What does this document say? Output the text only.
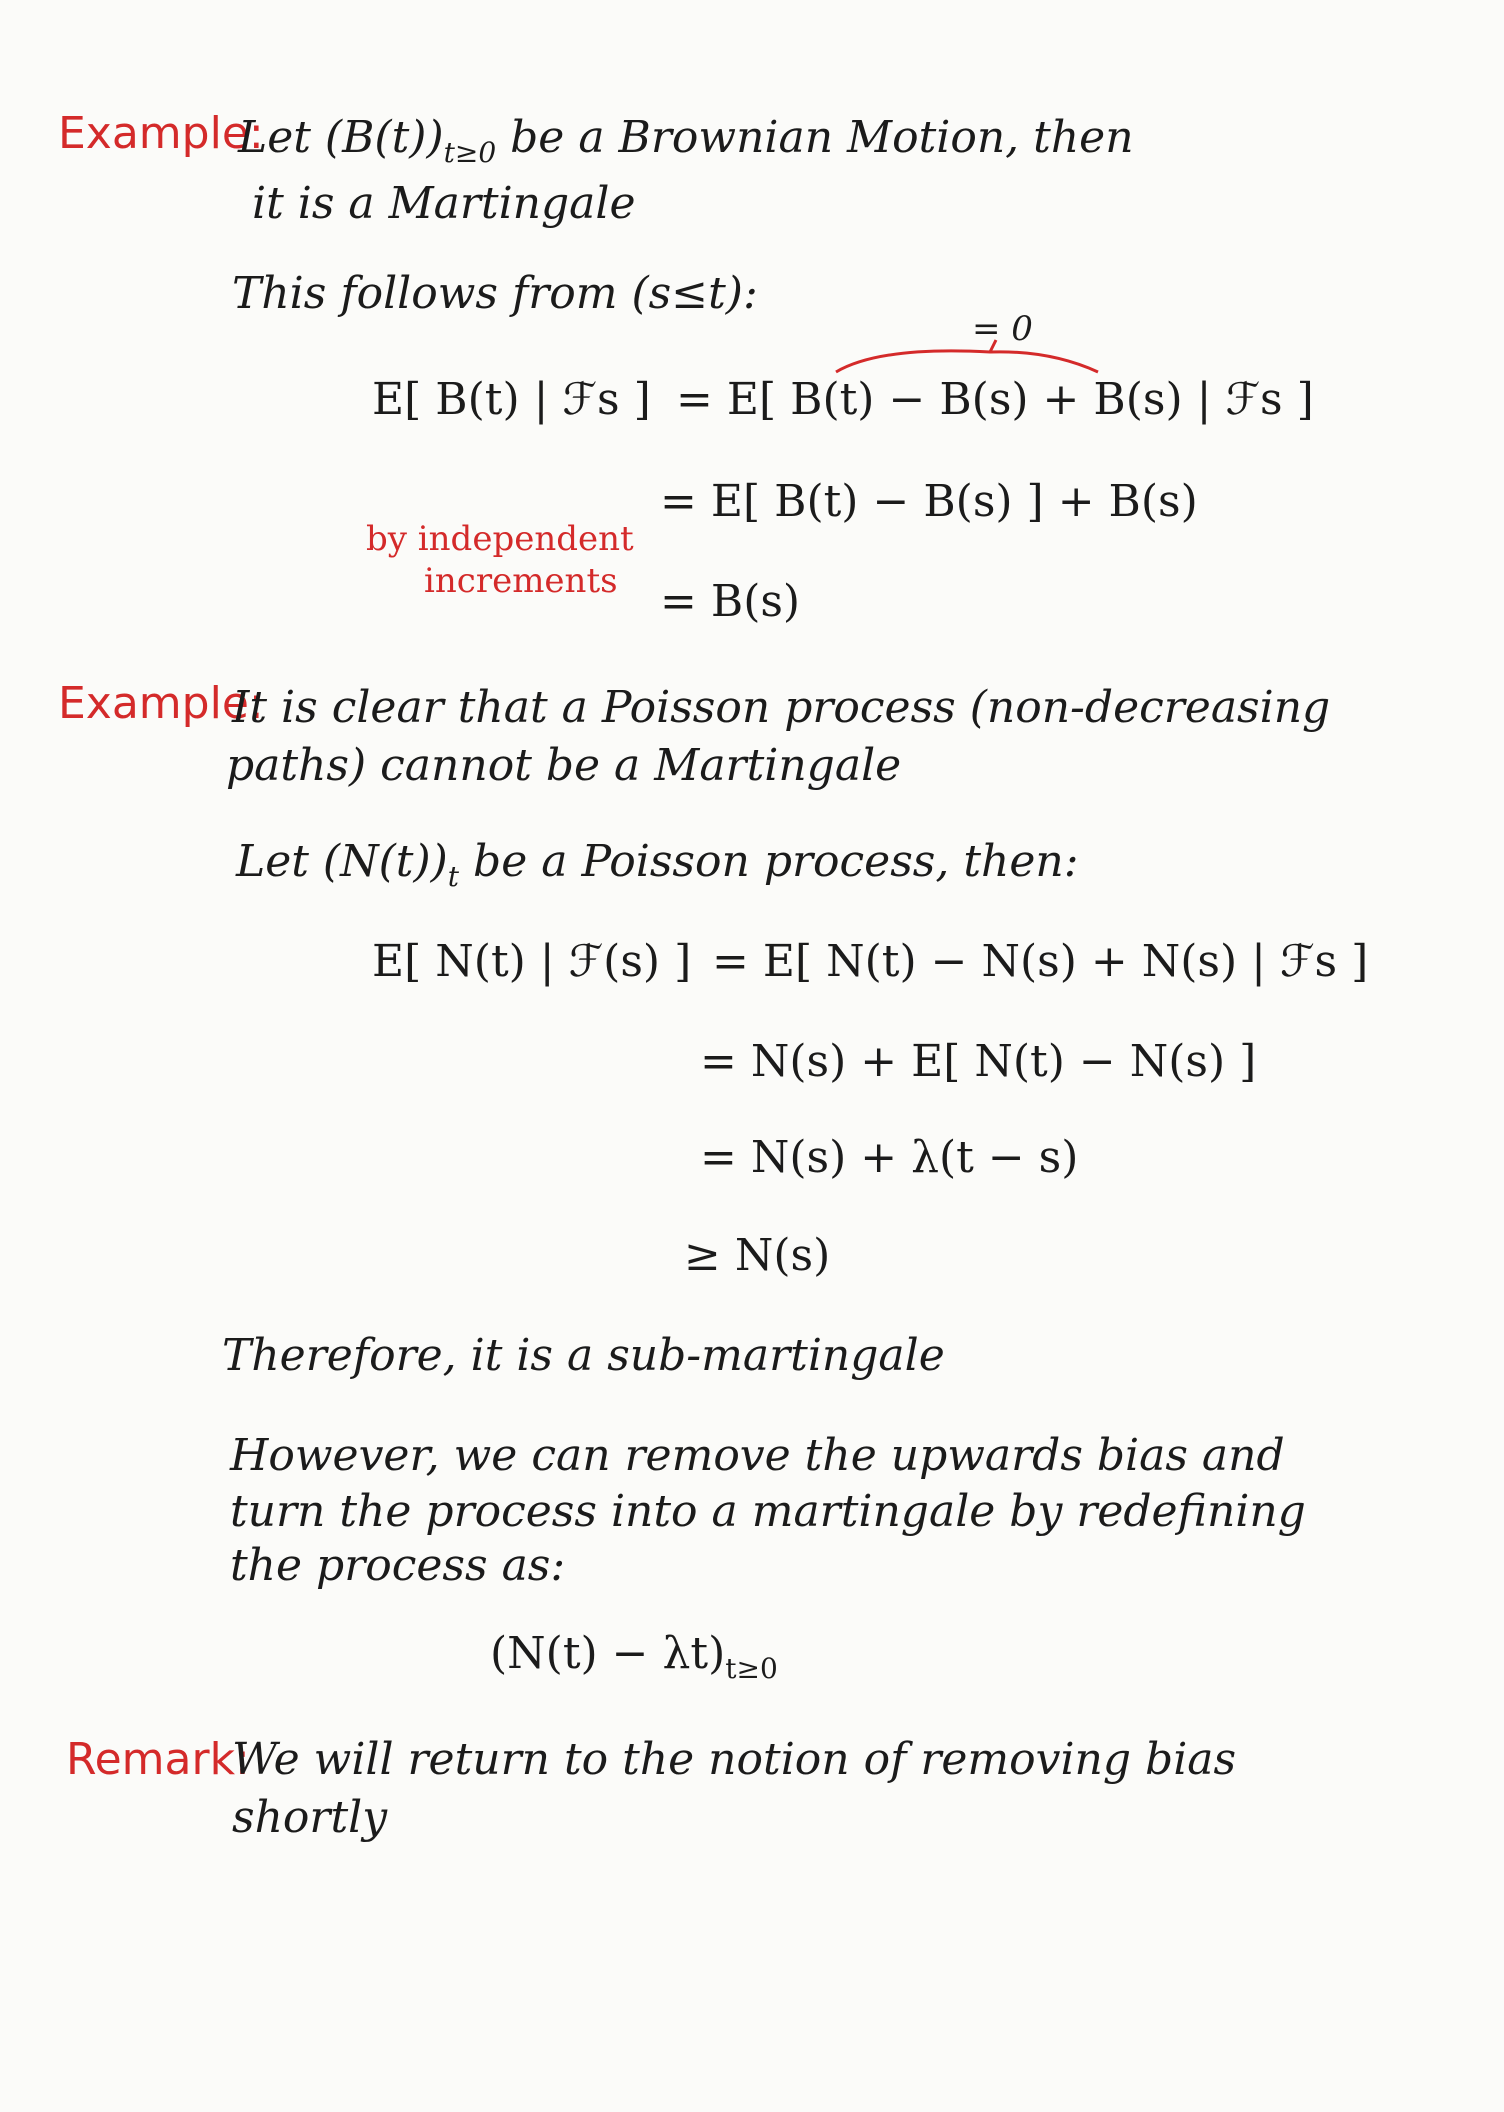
Example:
Let $(B(t))_{t\ge 0}$ be a Brownian Motion, then
it is a Martingale
This follows from (s≤t):
= 0
E[ B(t) | ℱs ] = E[ B(t) − B(s) + B(s) | ℱs ]
= E[ B(t) − B(s) ] + B(s)
= B(s)
by independent
increments
Example:
It is clear that a Poisson process (non-decreasing
paths) cannot be a Martingale
Let $(N(t))_t$ be a Poisson process, then:
E[ N(t) | ℱ(s) ] = E[ N(t) − N(s) + N(s) | ℱs ]
= N(s) + E[ N(t) − N(s) ]
= N(s) + λ(t − s)
≥ N(s)
Therefore, it is a sub-martingale
However, we can remove the upwards bias and
turn the process into a martingale by redefining
the process as:
$(N(t) - \lambda t)_{t\ge 0}$
Remark:
We will return to the notion of removing bias
shortly
